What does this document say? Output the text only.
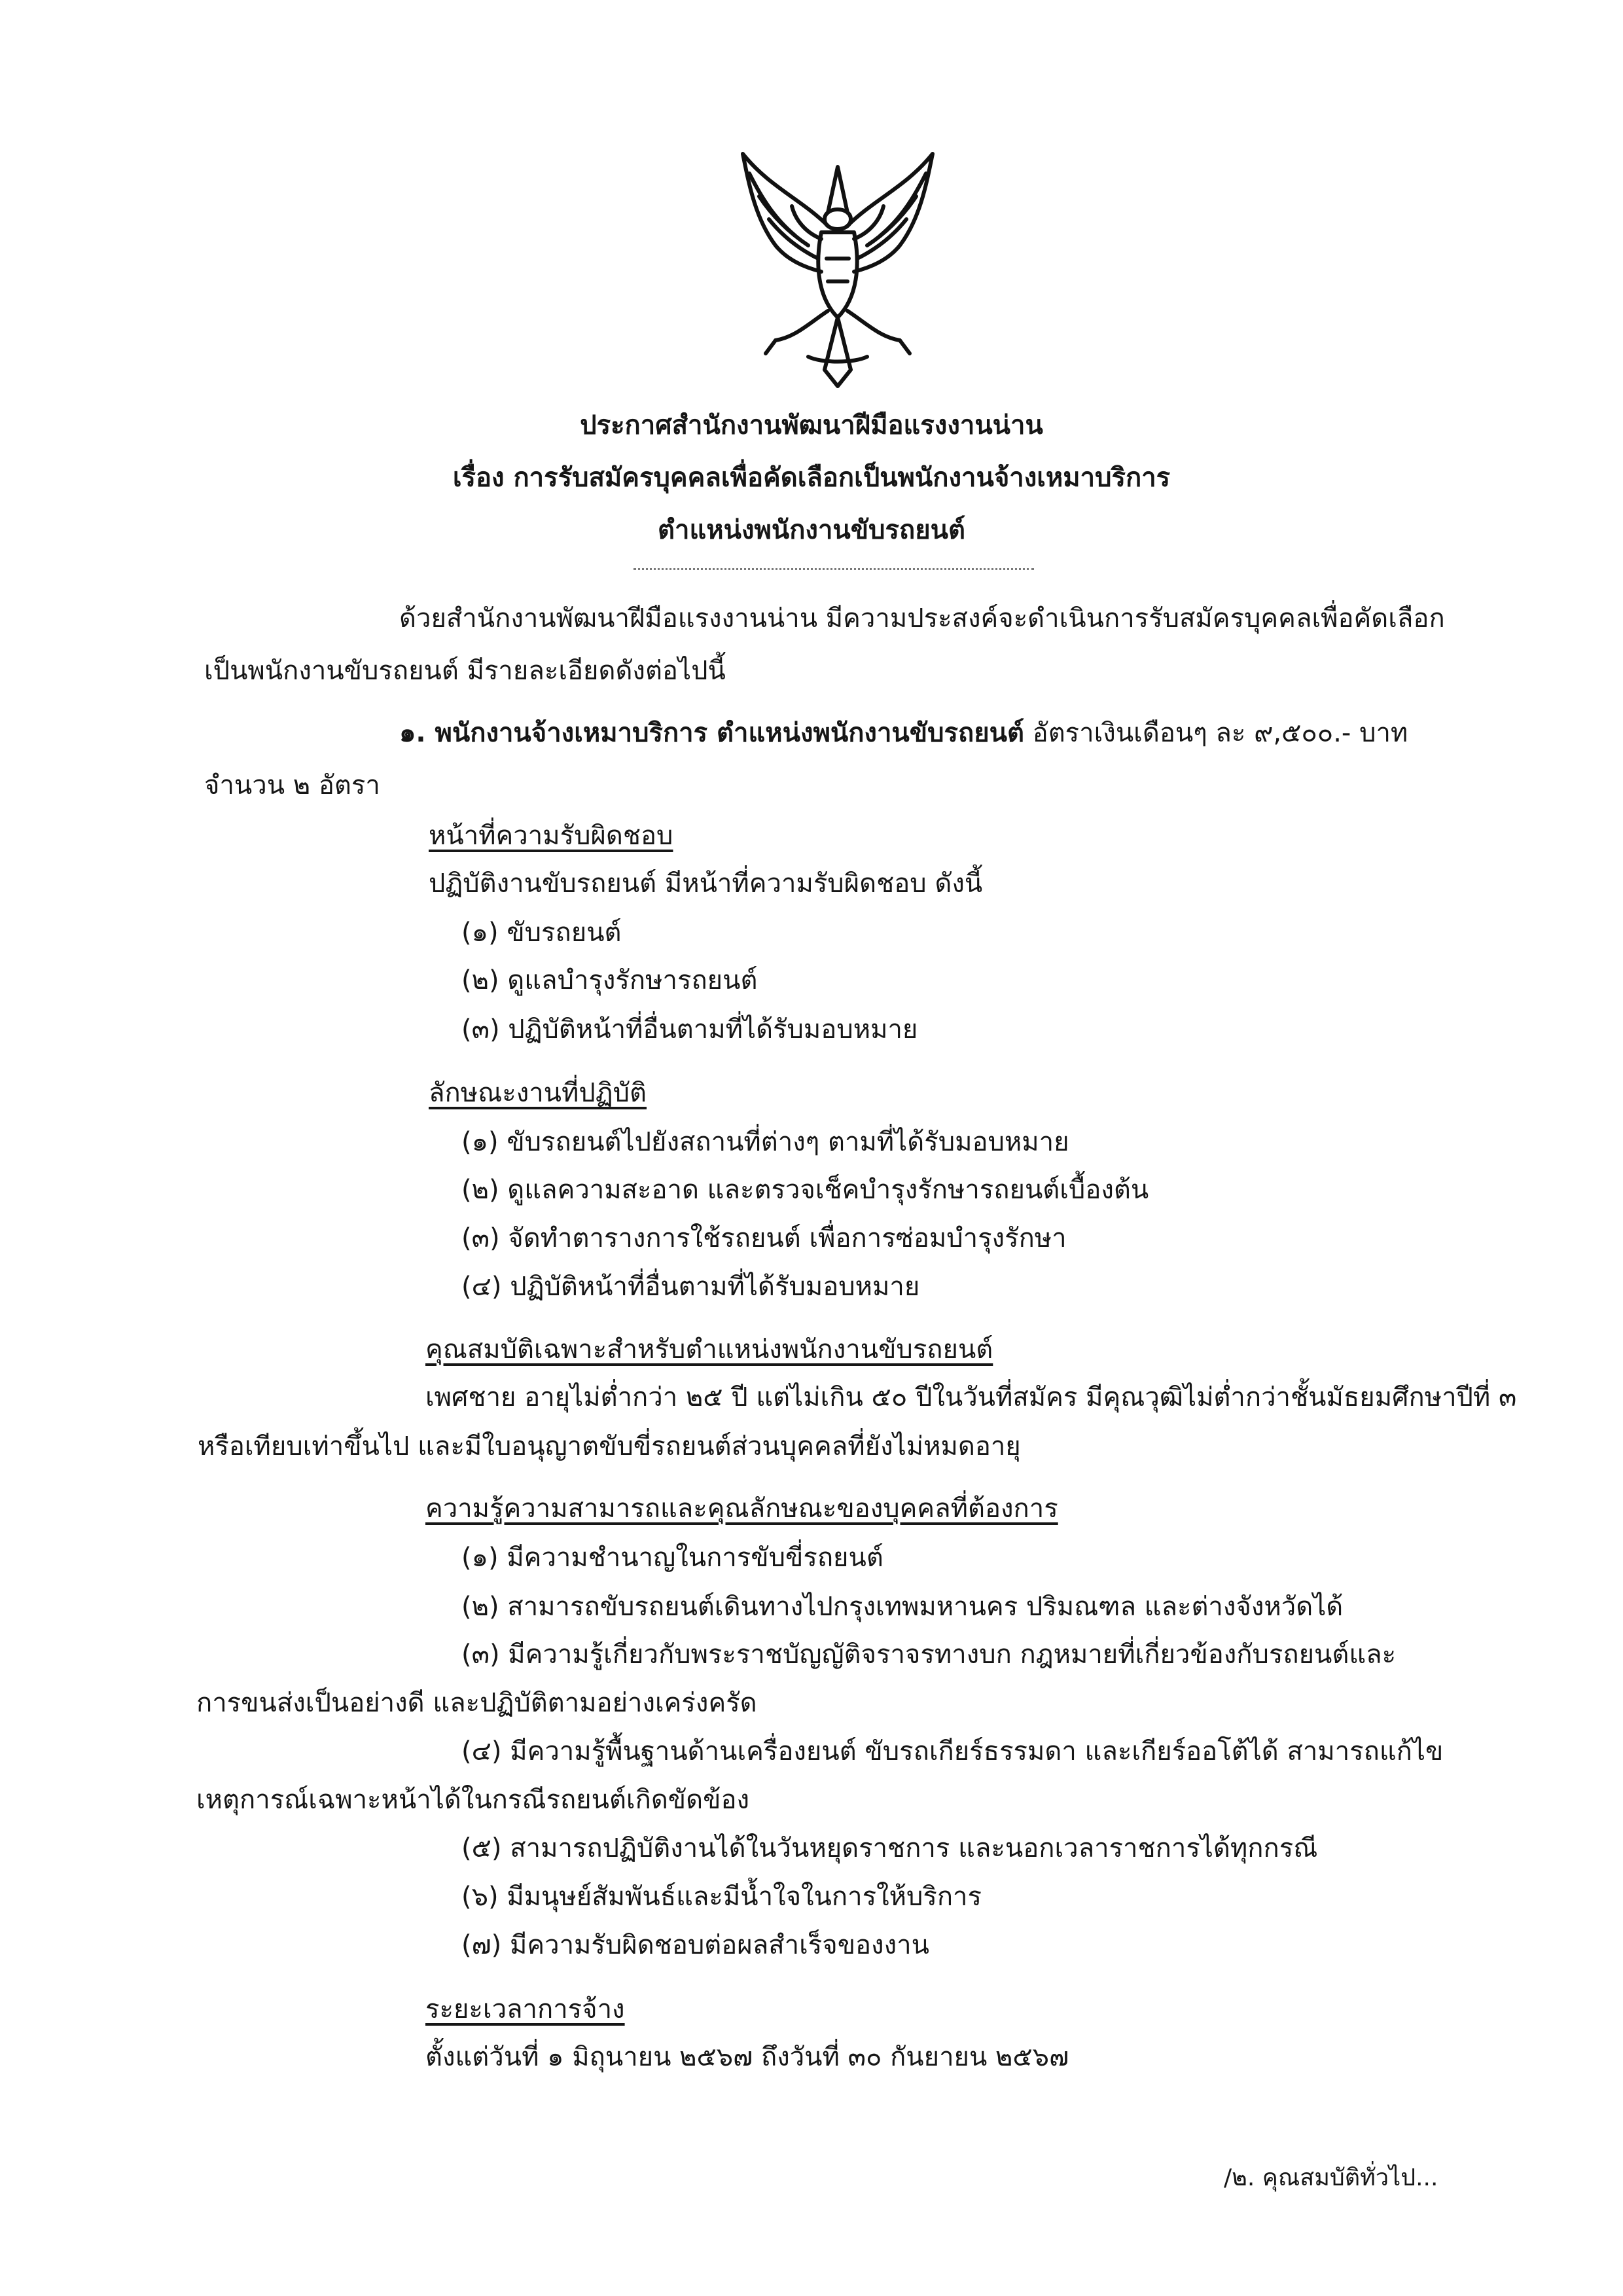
ประกาศสำนักงานพัฒนาฝีมือแรงงานน่าน

เรื่อง การรับสมัครบุคคลเพื่อคัดเลือกเป็นพนักงานจ้างเหมาบริการ

ตำแหน่งพนักงานขับรถยนต์

ด้วยสำนักงานพัฒนาฝีมือแรงงานน่าน มีความประสงค์จะดำเนินการรับสมัครบุคคลเพื่อคัดเลือก

เป็นพนักงานขับรถยนต์ มีรายละเอียดดังต่อไปนี้

๑. พนักงานจ้างเหมาบริการ ตำแหน่งพนักงานขับรถยนต์ อัตราเงินเดือนๆ ละ ๙,๕๐๐.- บาท

จำนวน ๒ อัตรา

หน้าที่ความรับผิดชอบ

ปฏิบัติงานขับรถยนต์ มีหน้าที่ความรับผิดชอบ ดังนี้

(๑) ขับรถยนต์

(๒) ดูแลบำรุงรักษารถยนต์

(๓) ปฏิบัติหน้าที่อื่นตามที่ได้รับมอบหมาย

ลักษณะงานที่ปฏิบัติ

(๑) ขับรถยนต์ไปยังสถานที่ต่างๆ ตามที่ได้รับมอบหมาย

(๒) ดูแลความสะอาด และตรวจเช็คบำรุงรักษารถยนต์เบื้องต้น

(๓) จัดทำตารางการใช้รถยนต์ เพื่อการซ่อมบำรุงรักษา

(๔) ปฏิบัติหน้าที่อื่นตามที่ได้รับมอบหมาย

คุณสมบัติเฉพาะสำหรับตำแหน่งพนักงานขับรถยนต์

เพศชาย อายุไม่ต่ำกว่า ๒๕ ปี แต่ไม่เกิน ๕๐ ปีในวันที่สมัคร มีคุณวุฒิไม่ต่ำกว่าชั้นมัธยมศึกษาปีที่ ๓

หรือเทียบเท่าขึ้นไป และมีใบอนุญาตขับขี่รถยนต์ส่วนบุคคลที่ยังไม่หมดอายุ

ความรู้ความสามารถและคุณลักษณะของบุคคลที่ต้องการ

(๑) มีความชำนาญในการขับขี่รถยนต์

(๒) สามารถขับรถยนต์เดินทางไปกรุงเทพมหานคร ปริมณฑล และต่างจังหวัดได้

(๓) มีความรู้เกี่ยวกับพระราชบัญญัติจราจรทางบก กฎหมายที่เกี่ยวข้องกับรถยนต์และ

การขนส่งเป็นอย่างดี และปฏิบัติตามอย่างเคร่งครัด

(๔) มีความรู้พื้นฐานด้านเครื่องยนต์ ขับรถเกียร์ธรรมดา และเกียร์ออโต้ได้ สามารถแก้ไข

เหตุการณ์เฉพาะหน้าได้ในกรณีรถยนต์เกิดขัดข้อง

(๕) สามารถปฏิบัติงานได้ในวันหยุดราชการ และนอกเวลาราชการได้ทุกกรณี

(๖) มีมนุษย์สัมพันธ์และมีน้ำใจในการให้บริการ

(๗) มีความรับผิดชอบต่อผลสำเร็จของงาน

ระยะเวลาการจ้าง

ตั้งแต่วันที่ ๑ มิถุนายน ๒๕๖๗ ถึงวันที่ ๓๐ กันยายน ๒๕๖๗

/๒. คุณสมบัติทั่วไป...
